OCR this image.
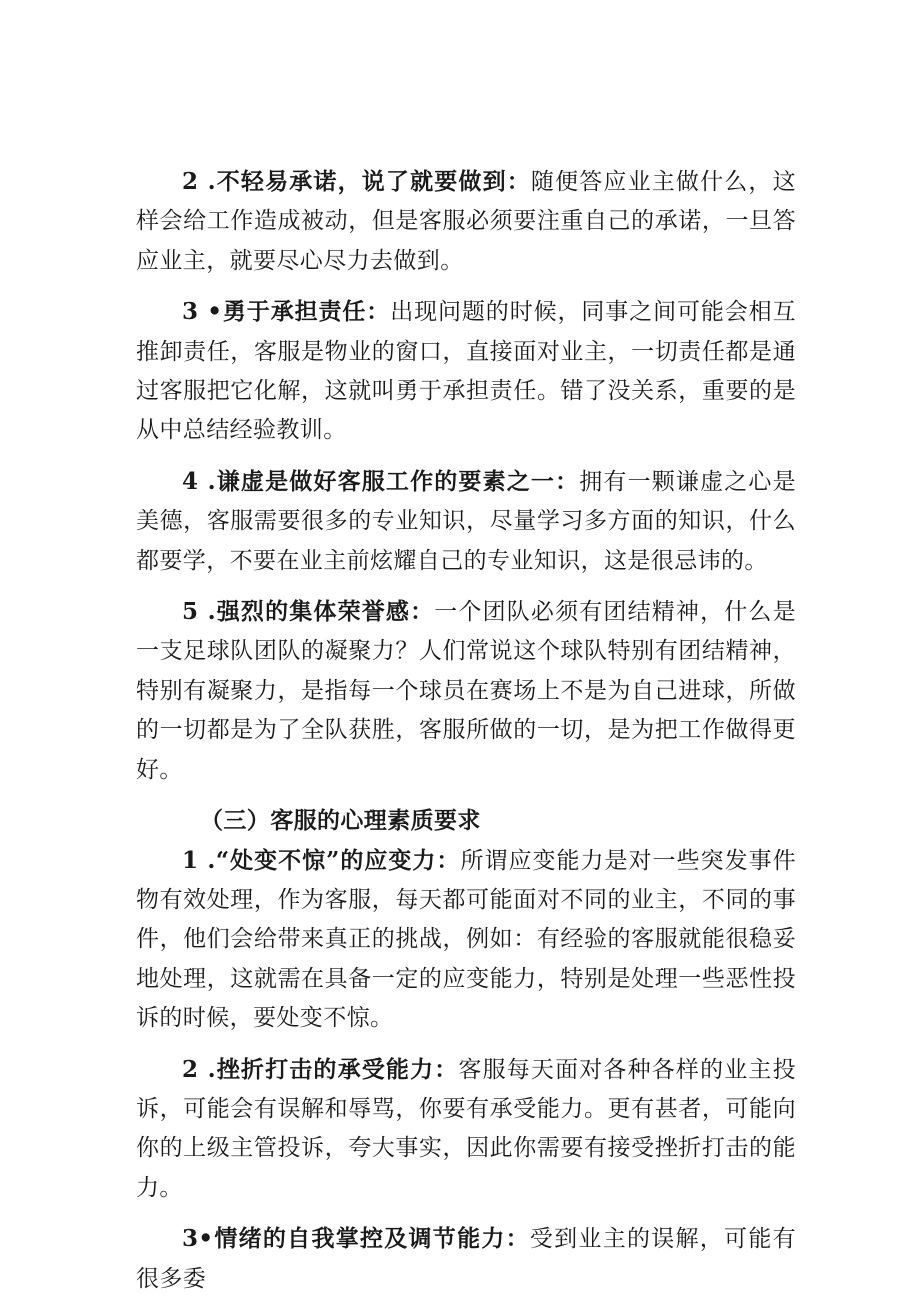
2 .不轻易承诺，说了就要做到：随便答应业主做什么，这样会给工作造成被动，但是客服必须要注重自己的承诺，一旦答应业主，就要尽心尽力去做到。

3 •勇于承担责任：出现问题的时候，同事之间可能会相互推卸责任，客服是物业的窗口，直接面对业主，一切责任都是通过客服把它化解，这就叫勇于承担责任。错了没关系，重要的是从中总结经验教训。

4 .谦虚是做好客服工作的要素之一：拥有一颗谦虚之心是美德，客服需要很多的专业知识，尽量学习多方面的知识，什么都要学，不要在业主前炫耀自己的专业知识，这是很忌讳的。

5 .强烈的集体荣誉感：一个团队必须有团结精神，什么是一支足球队团队的凝聚力？人们常说这个球队特别有团结精神，特别有凝聚力，是指每一个球员在赛场上不是为自己进球，所做的一切都是为了全队获胜，客服所做的一切，是为把工作做得更好。

（三）客服的心理素质要求

1 .“处变不惊”的应变力：所谓应变能力是对一些突发事件物有效处理，作为客服，每天都可能面对不同的业主，不同的事件，他们会给带来真正的挑战，例如：有经验的客服就能很稳妥地处理，这就需在具备一定的应变能力，特别是处理一些恶性投诉的时候，要处变不惊。

2 .挫折打击的承受能力：客服每天面对各种各样的业主投诉，可能会有误解和辱骂，你要有承受能力。更有甚者，可能向你的上级主管投诉，夸大事实，因此你需要有接受挫折打击的能力。

3•情绪的自我掌控及调节能力：受到业主的误解，可能有很多委
